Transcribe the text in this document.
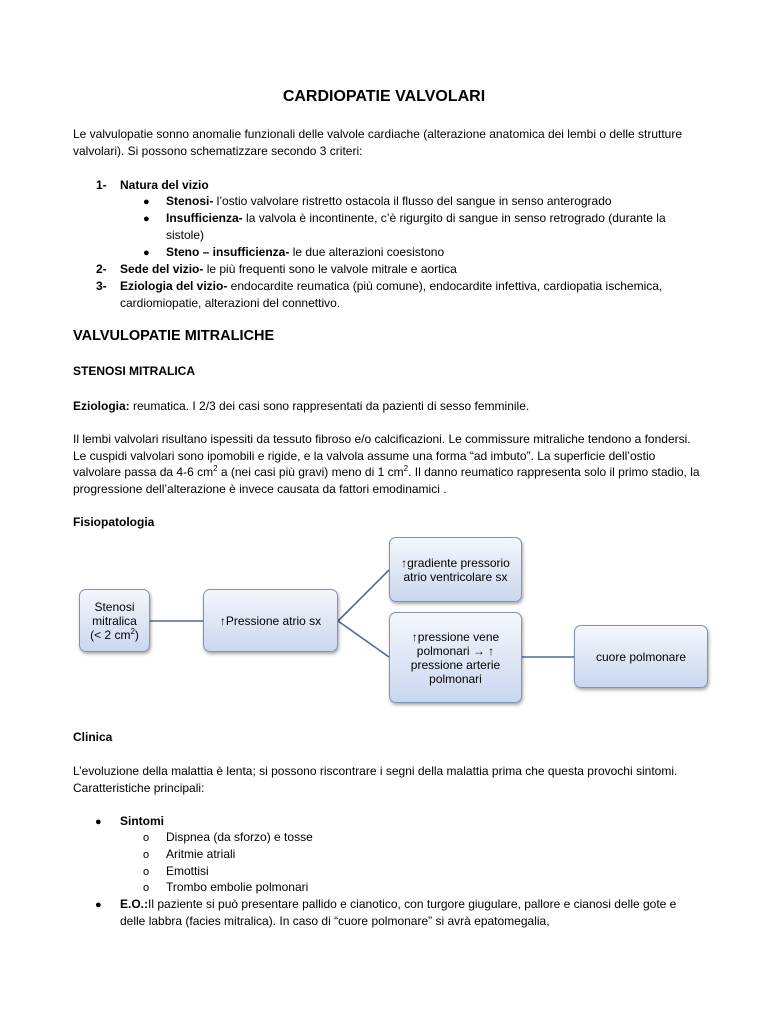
CARDIOPATIE VALVOLARI
Le valvulopatie sonno anomalie funzionali delle valvole cardiache (alterazione anatomica dei lembi o delle strutture valvolari). Si possono schematizzare secondo 3 criteri:
1- Natura del vizio
● Stenosi- l’ostio valvolare ristretto ostacola il flusso del sangue in senso anterogrado
● Insufficienza- la valvola è incontinente, c’è rigurgito di sangue in senso retrogrado (durante la sistole)
● Steno – insufficienza- le due alterazioni coesistono
2- Sede del vizio- le più frequenti sono le valvole mitrale e aortica
3- Eziologia del vizio- endocardite reumatica (più comune), endocardite infettiva, cardiopatia ischemica, cardiomiopatie, alterazioni del connettivo.
VALVULOPATIE MITRALICHE
STENOSI MITRALICA
Eziologia: reumatica. I 2/3 dei casi sono rappresentati da pazienti di sesso femminile.
Il lembi valvolari risultano ispessiti da tessuto fibroso e/o calcificazioni. Le commissure mitraliche tendono a fondersi. Le cuspidi valvolari sono ipomobili e rigide, e la valvola assume una forma “ad imbuto”. La superficie dell’ostio valvolare passa da 4-6 $cm^2$ a (nei casi più gravi) meno di 1 $cm^2$. Il danno reumatico rappresenta solo il primo stadio, la progressione dell’alterazione è invece causata da fattori emodinamici .
Fisiopatologia
Stenosi
mitralica
(< 2 $cm^2$)
↑Pressione atrio sx
↑gradiente pressorio
atrio ventricolare sx
↑pressione vene
polmonari → ↑
pressione arterie
polmonari
cuore polmonare
Clinica
L’evoluzione della malattia è lenta; si possono riscontrare i segni della malattia prima che questa provochi sintomi. Caratteristiche principali:
● Sintomi
o Dispnea (da sforzo) e tosse
o Aritmie atriali
o Emottisi
o Trombo embolie polmonari
● E.O.:Il paziente si può presentare pallido e cianotico, con turgore giugulare, pallore e cianosi delle gote e delle labbra (facies mitralica). In caso di “cuore polmonare” si avrà epatomegalia,
